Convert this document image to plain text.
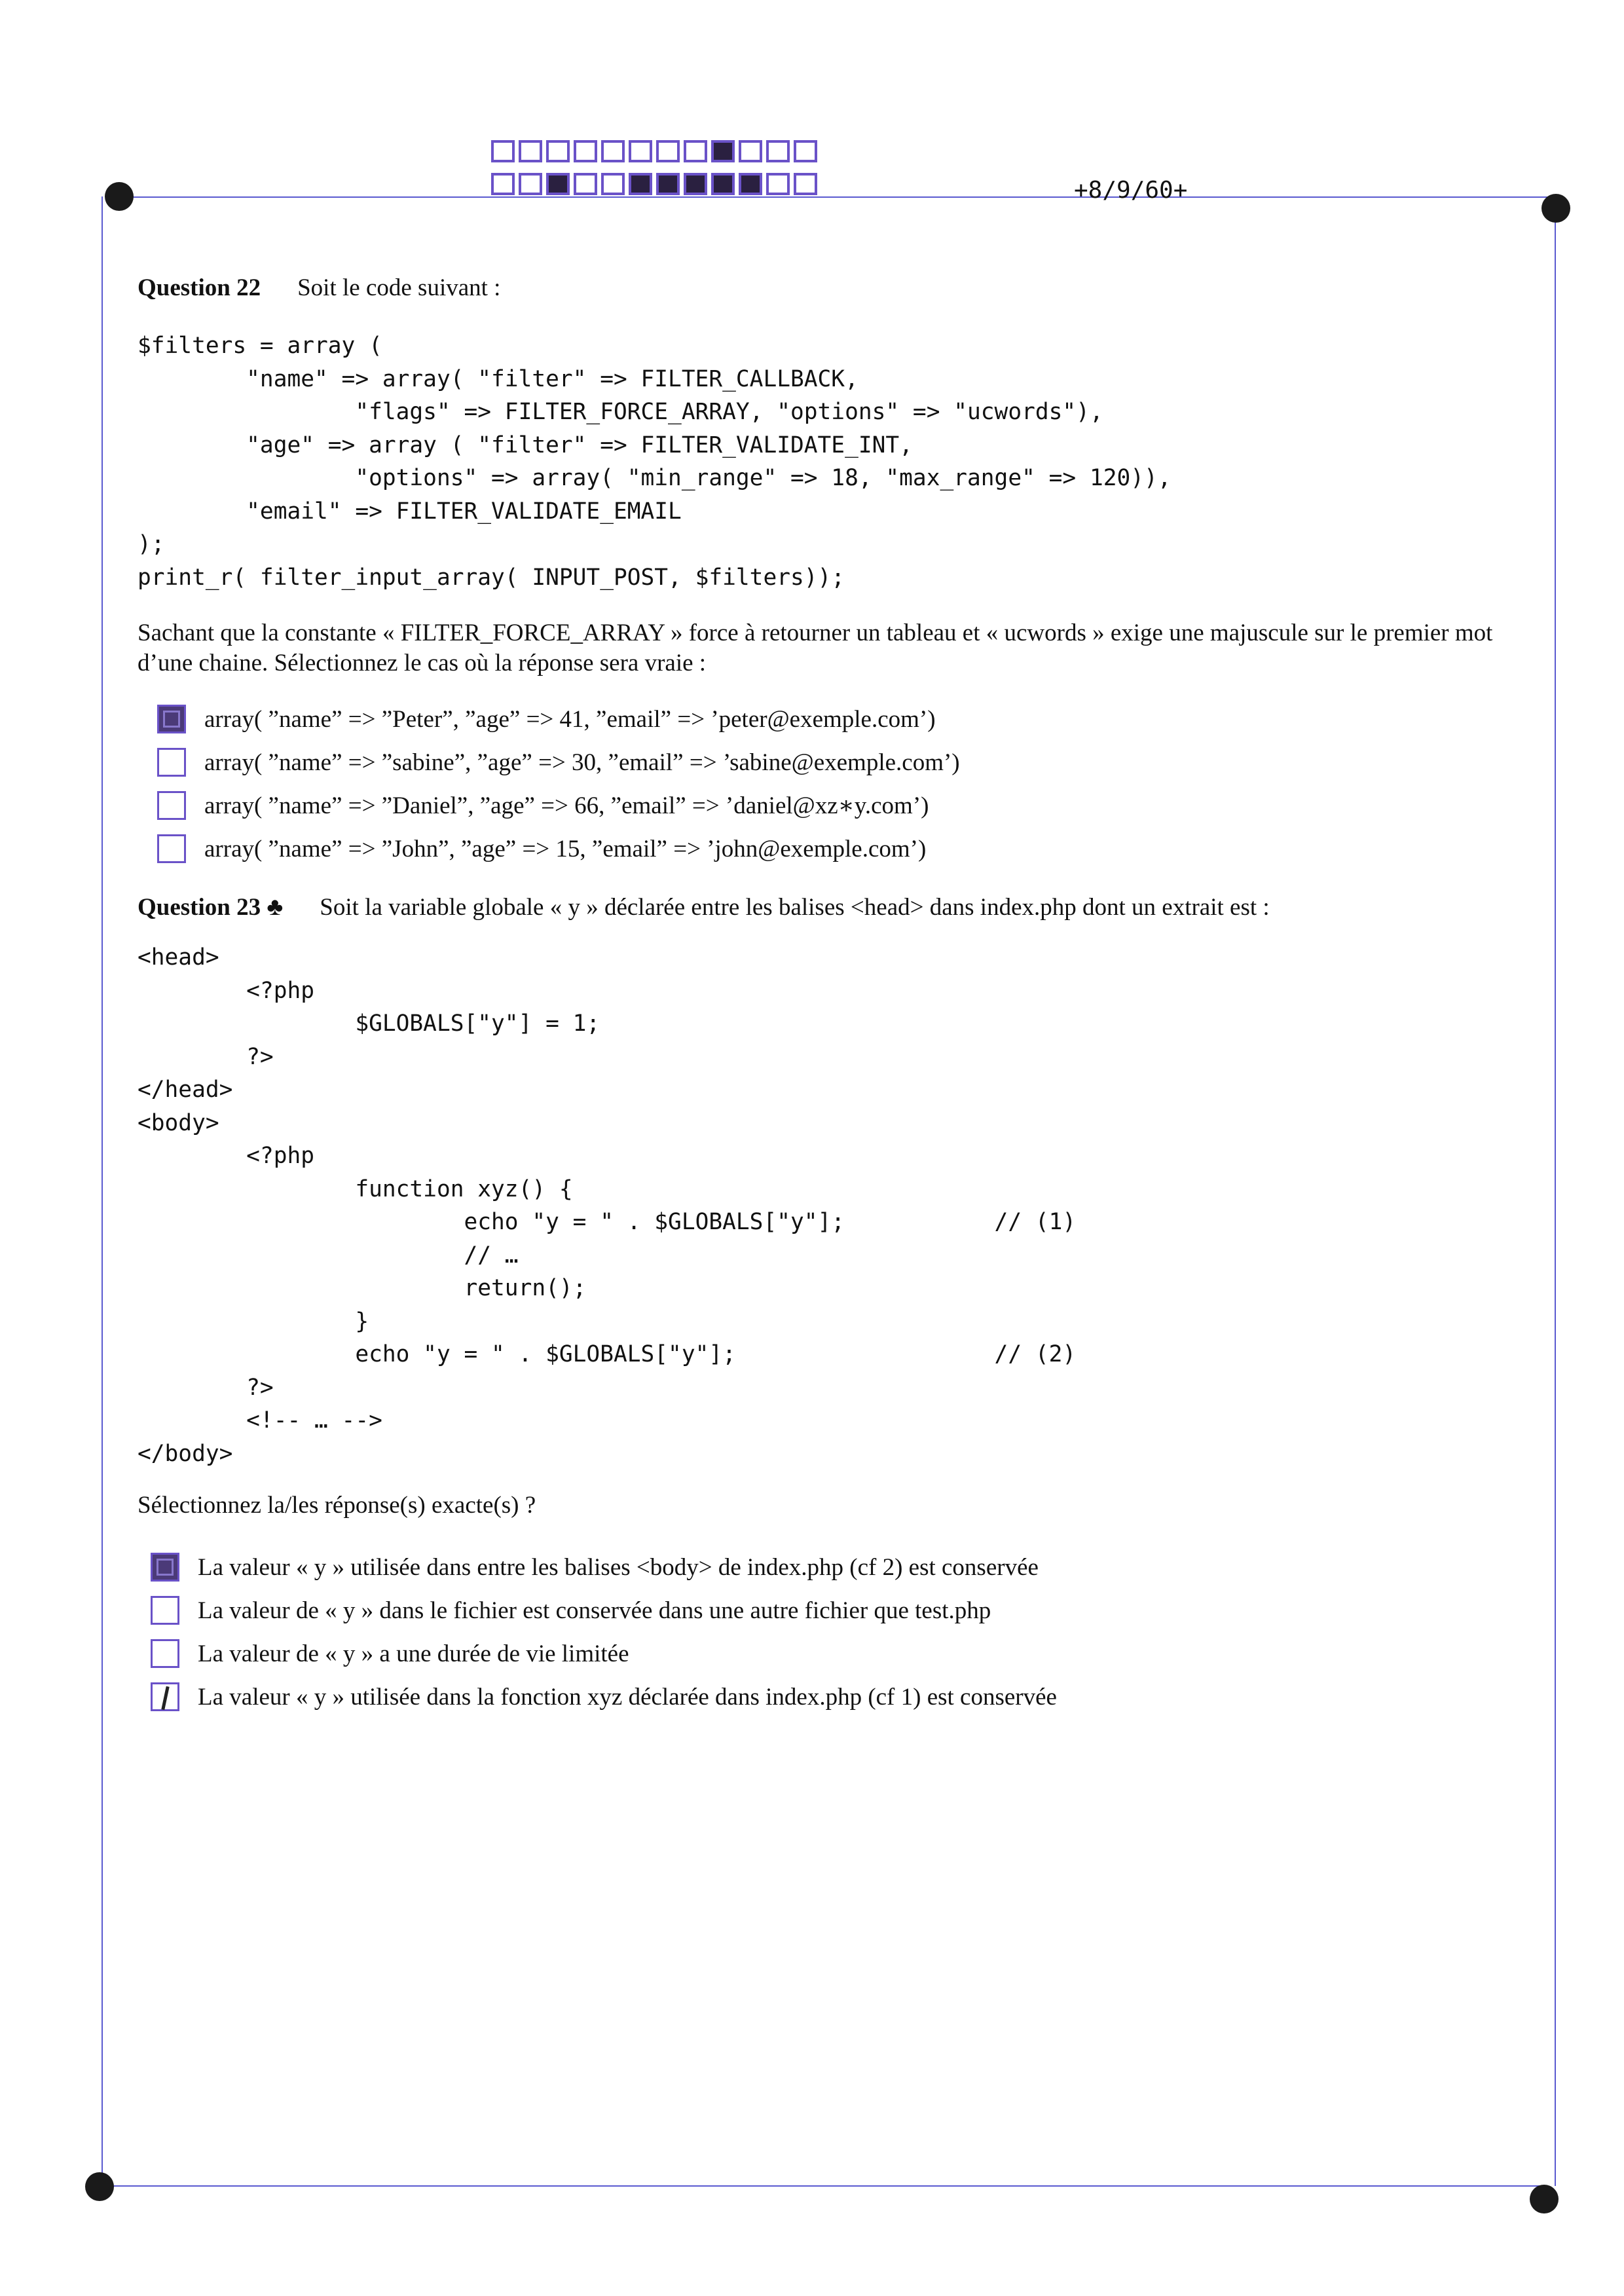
+8/9/60+
Question 22 Soit le code suivant :
$filters = array (
"name" => array( "filter" => FILTER_CALLBACK,
"flags" => FILTER_FORCE_ARRAY, "options" => "ucwords"),
"age" => array ( "filter" => FILTER_VALIDATE_INT,
"options" => array( "min_range" => 18, "max_range" => 120)),
"email" => FILTER_VALIDATE_EMAIL
);
print_r( filter_input_array( INPUT_POST, $filters));

Sachant que la constante « FILTER_FORCE_ARRAY » force à retourner un tableau et « ucwords » exige une majuscule sur le premier mot d’une chaine. Sélectionnez le cas où la réponse sera vraie :

array( ”name” => ”Peter”, ”age” => 41, ”email” => ’peter@exemple.com’)
array( ”name” => ”sabine”, ”age” => 30, ”email” => ’sabine@exemple.com’)
array( ”name” => ”Daniel”, ”age” => 66, ”email” => ’daniel@xz∗y.com’)
array( ”name” => ”John”, ”age” => 15, ”email” => ’john@exemple.com’)
Question 23 ♣ Soit la variable globale « y » déclarée entre les balises <head> dans index.php dont un extrait est :
<head>
<?php
$GLOBALS["y"] = 1;
?>
</head>
<body>
<?php
function xyz() {
echo "y = " . $GLOBALS["y"];           // (1)
// …
return();
}
echo "y = " . $GLOBALS["y"];                   // (2)
?>
<!-- … -->
</body>

Sélectionnez la/les réponse(s) exacte(s) ?

La valeur « y » utilisée dans entre les balises <body> de index.php (cf 2) est conservée
La valeur de « y » dans le fichier est conservée dans une autre fichier que test.php
La valeur de « y » a une durée de vie limitée
La valeur « y » utilisée dans la fonction xyz déclarée dans index.php (cf 1) est conservée
